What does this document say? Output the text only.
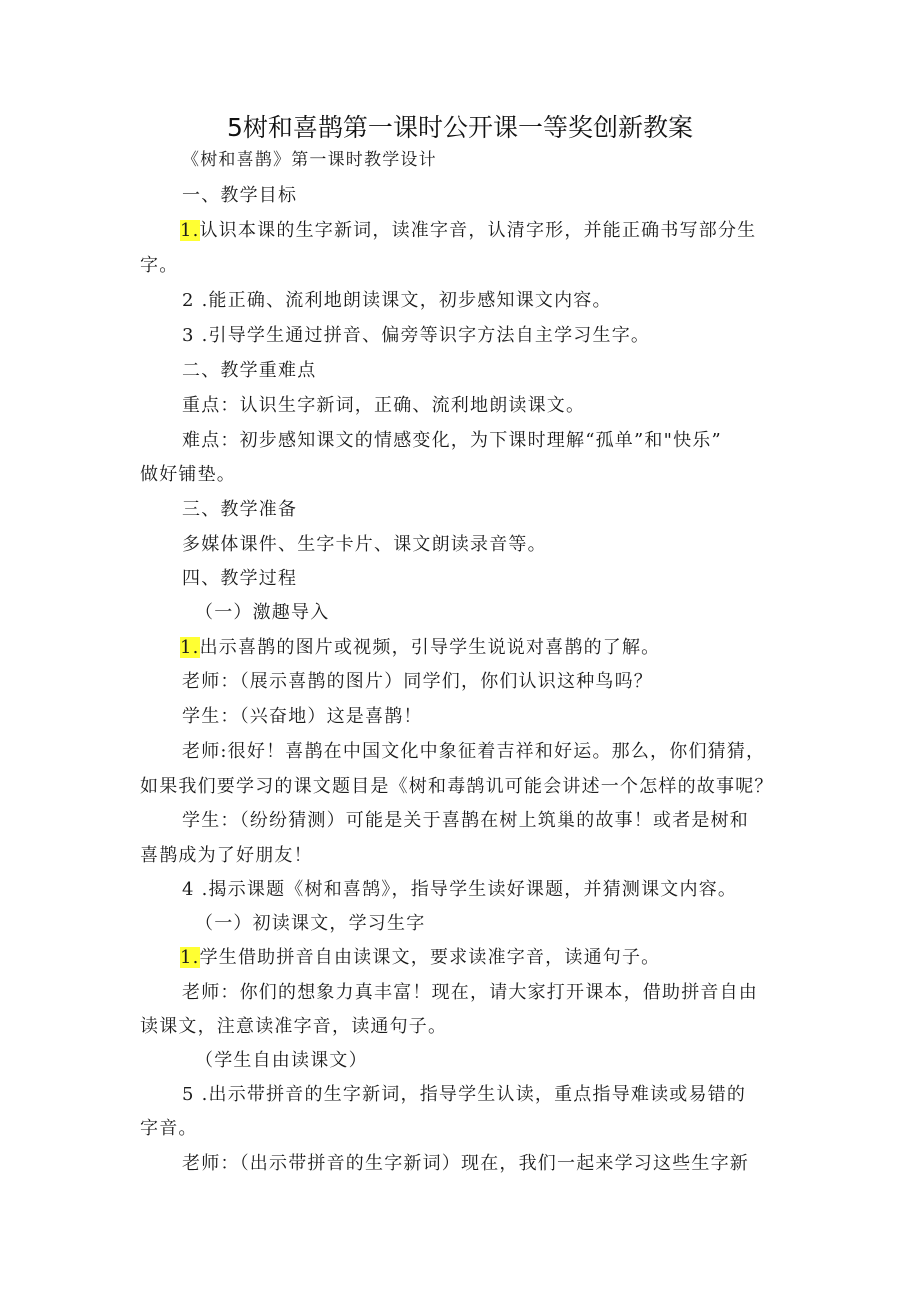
5树和喜鹊第一课时公开课一等奖创新教案
《树和喜鹊》第一课时教学设计
一、教学目标
1.认识本课的生字新词，读准字音，认清字形，并能正确书写部分生
字。
2 .能正确、流利地朗读课文，初步感知课文内容。
3 .引导学生通过拼音、偏旁等识字方法自主学习生字。
二、教学重难点
重点：认识生字新词，正确、流利地朗读课文。
难点：初步感知课文的情感变化，为下课时理解“孤单”和"快乐”
做好铺垫。
三、教学准备
多媒体课件、生字卡片、课文朗读录音等。
四、教学过程
（一）激趣导入
1.出示喜鹊的图片或视频，引导学生说说对喜鹊的了解。
老师：（展示喜鹊的图片）同学们，你们认识这种鸟吗？
学生：（兴奋地）这是喜鹊！
老师:很好！喜鹊在中国文化中象征着吉祥和好运。那么，你们猜猜，
如果我们要学习的课文题目是《树和毒鹄讥可能会讲述一个怎样的故事呢？
学生：（纷纷猜测）可能是关于喜鹊在树上筑巢的故事！或者是树和
喜鹊成为了好朋友！
4 .揭示课题《树和喜鹄》，指导学生读好课题，并猜测课文内容。
（一）初读课文，学习生字
1.学生借助拼音自由读课文，要求读准字音，读通句子。
老师：你们的想象力真丰富！现在，请大家打开课本，借助拼音自由
读课文，注意读准字音，读通句子。
（学生自由读课文）
5 .出示带拼音的生字新词，指导学生认读，重点指导难读或易错的
字音。
老师：（出示带拼音的生字新词）现在，我们一起来学习这些生字新
